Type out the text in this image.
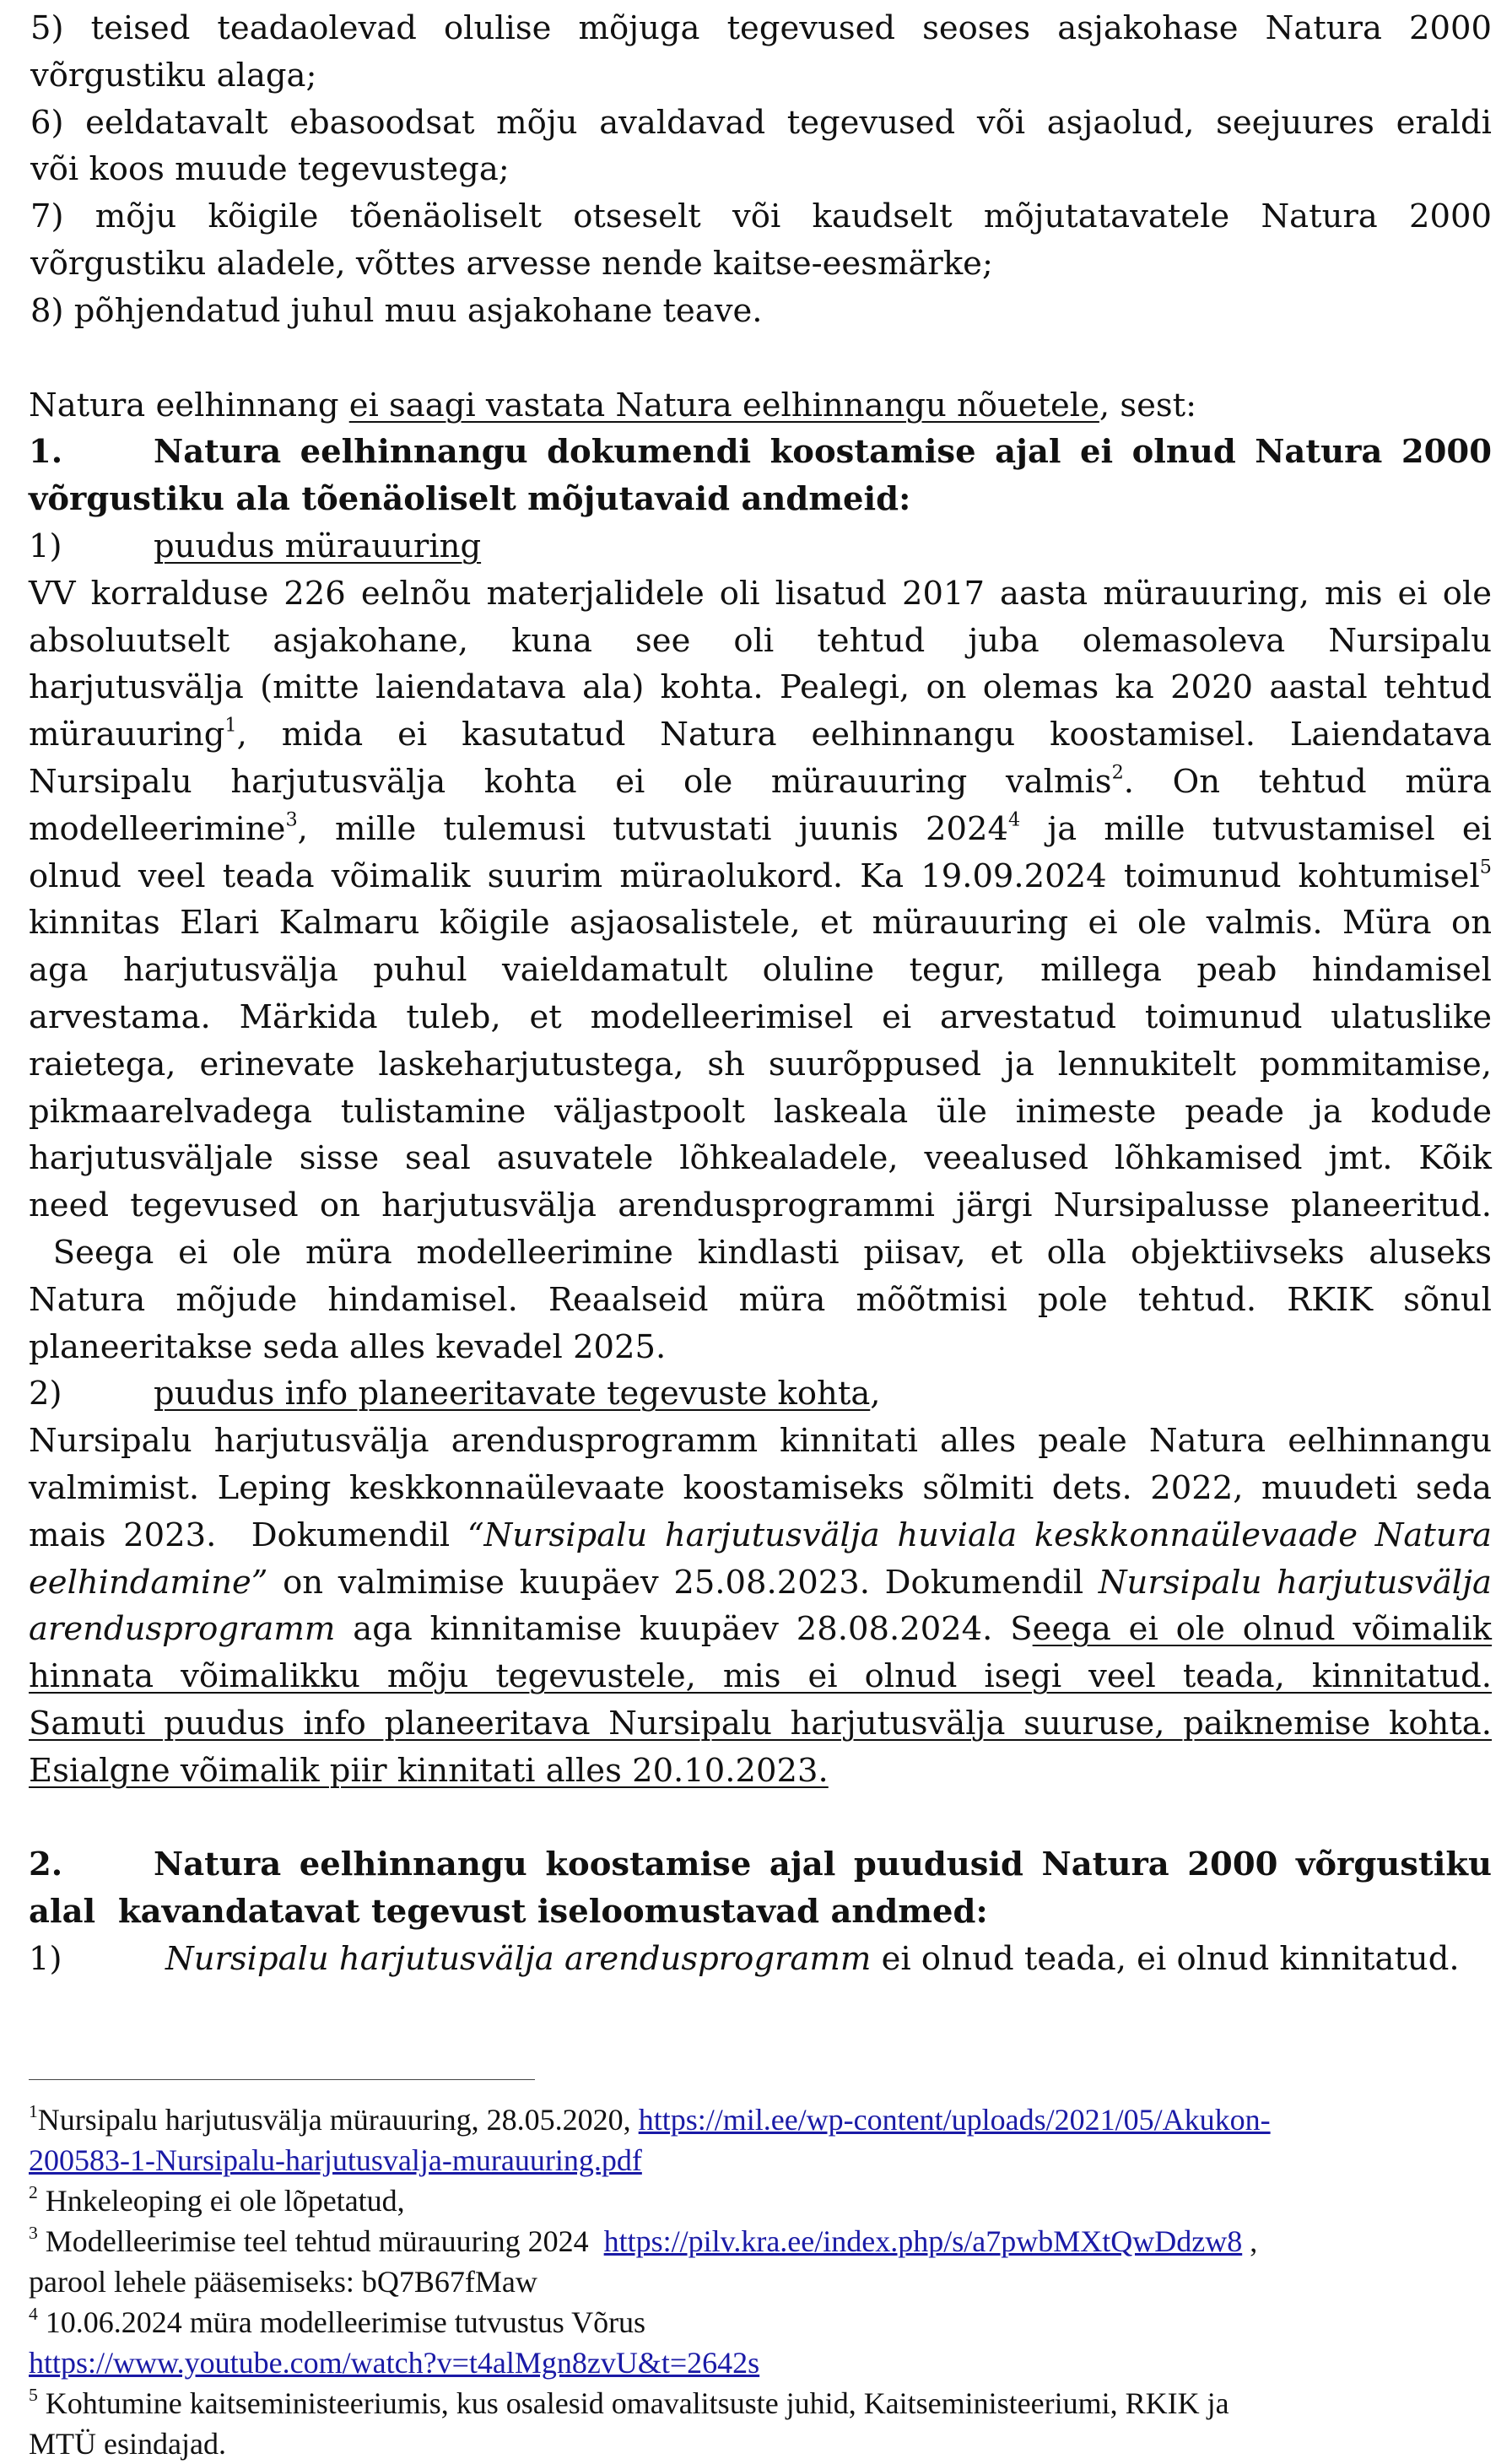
5) teised teadaolevad olulise mõjuga tegevused seoses asjakohase Natura 2000

võrgustiku alaga;

6) eeldatavalt ebasoodsat mõju avaldavad tegevused või asjaolud, seejuures eraldi

või koos muude tegevustega;

7) mõju kõigile tõenäoliselt otseselt või kaudselt mõjutatavatele Natura 2000

võrgustiku aladele, võttes arvesse nende kaitse-eesmärke;

8) põhjendatud juhul muu asjakohane teave.

Natura eelhinnang ei saagi vastata Natura eelhinnangu nõuetele, sest:

1.	Natura eelhinnangu dokumendi koostamise ajal ei olnud Natura 2000

võrgustiku ala tõenäoliselt mõjutavaid andmeid:

1)	puudus mürauuring

VV korralduse 226 eelnõu materjalidele oli lisatud 2017 aasta mürauuring, mis ei ole

absoluutselt asjakohane, kuna see oli tehtud juba olemasoleva Nursipalu

harjutusvälja (mitte laiendatava ala) kohta. Pealegi, on olemas ka 2020 aastal tehtud

mürauuring$^1$, mida ei kasutatud Natura eelhinnangu koostamisel. Laiendatava

Nursipalu harjutusvälja kohta ei ole mürauuring valmis$^2$. On tehtud müra

modelleerimine$^3$, mille tulemusi tutvustati juunis 2024$^4$ ja mille tutvustamisel ei

olnud veel teada võimalik suurim müraolukord. Ka 19.09.2024 toimunud kohtumisel$^5$

kinnitas Elari Kalmaru kõigile asjaosalistele, et mürauuring ei ole valmis. Müra on

aga harjutusvälja puhul vaieldamatult oluline tegur, millega peab hindamisel

arvestama. Märkida tuleb, et modelleerimisel ei arvestatud toimunud ulatuslike

raietega, erinevate laskeharjutustega, sh suurõppused ja lennukitelt pommitamise,

pikmaarelvadega tulistamine väljastpoolt laskeala üle inimeste peade ja kodude

harjutusväljale sisse seal asuvatele lõhkealadele, veealused lõhkamised jmt. Kõik

need tegevused on harjutusvälja arendusprogrammi järgi Nursipalusse planeeritud.

Seega ei ole müra modelleerimine kindlasti piisav, et olla objektiivseks aluseks

Natura mõjude hindamisel. Reaalseid müra mõõtmisi pole tehtud. RKIK sõnul

planeeritakse seda alles kevadel 2025.

2)	puudus info planeeritavate tegevuste kohta,

Nursipalu harjutusvälja arendusprogramm kinnitati alles peale Natura eelhinnangu

valmimist. Leping keskkonnaülevaate koostamiseks sõlmiti dets. 2022, muudeti seda

mais 2023.  Dokumendil “Nursipalu harjutusvälja huviala keskkonnaülevaade Natura

eelhindamine” on valmimise kuupäev 25.08.2023. Dokumendil Nursipalu harjutusvälja

arendusprogramm aga kinnitamise kuupäev 28.08.2024. Seega ei ole olnud võimalik

hinnata võimalikku mõju tegevustele, mis ei olnud isegi veel teada, kinnitatud.

Samuti puudus info planeeritava Nursipalu harjutusvälja suuruse, paiknemise kohta.

Esialgne võimalik piir kinnitati alles 20.10.2023.

2.	Natura eelhinnangu koostamise ajal puudusid Natura 2000 võrgustiku

alal  kavandatavat tegevust iseloomustavad andmed:

1)	Nursipalu harjutusvälja arendusprogramm ei olnud teada, ei olnud kinnitatud.

$^1$Nursipalu harjutusvälja mürauuring, 28.05.2020, https://mil.ee/wp-content/uploads/2021/05/Akukon-
200583-1-Nursipalu-harjutusvalja-murauuring.pdf

$^2$ Hnkeleoping ei ole lõpetatud,

$^3$ Modelleerimise teel tehtud mürauuring 2024  https://pilv.kra.ee/index.php/s/a7pwbMXtQwDdzw8 ,

parool lehele pääsemiseks: bQ7B67fMaw

$^4$ 10.06.2024 müra modelleerimise tutvustus Võrus

https://www.youtube.com/watch?v=t4alMgn8zvU&t=2642s

$^5$ Kohtumine kaitseministeeriumis, kus osalesid omavalitsuste juhid, Kaitseministeeriumi, RKIK ja

MTÜ esindajad.
